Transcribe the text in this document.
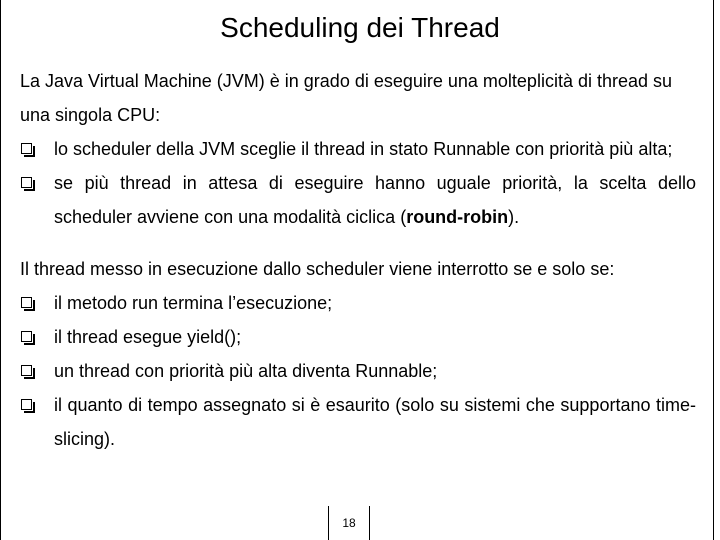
Scheduling dei Thread

La Java Virtual Machine (JVM) è in grado di eseguire una molteplicità di thread su una singola CPU:

lo scheduler della JVM sceglie il thread in stato Runnable con priorità più alta;
se più thread in attesa di eseguire hanno uguale priorità, la scelta dello scheduler avviene con una modalità ciclica (round-robin).

Il thread messo in esecuzione dallo scheduler viene interrotto se e solo se:

il metodo run termina l’esecuzione;
il thread esegue yield();
un thread con priorità più alta diventa Runnable;
il quanto di tempo assegnato si è esaurito (solo su sistemi che supportano time-slicing).
18
